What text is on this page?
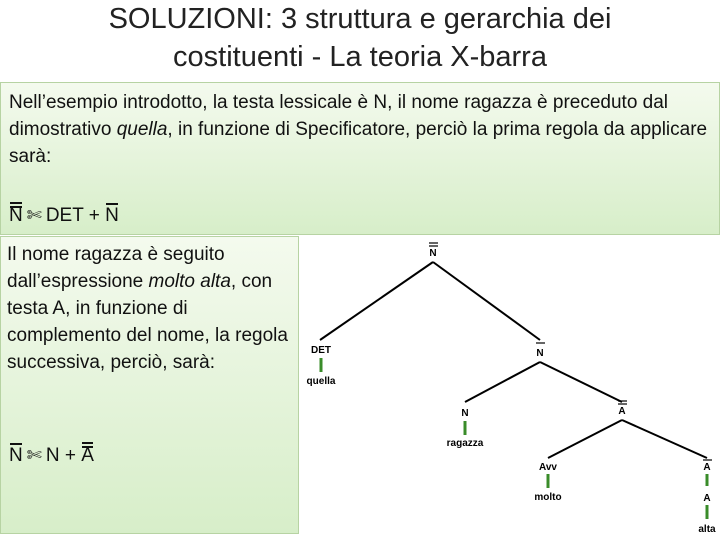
SOLUZIONI: 3 struttura e gerarchia dei
costituenti - La teoria X-barra
Nell’esempio introdotto, la testa lessicale è N, il nome ragazza è preceduto dal dimostrativo quella, in funzione di Specificatore, perciò la prima regola da applicare sarà:
N ✄ DET + N
Il nome ragazza è seguito dall’espressione molto alta, con testa A, in funzione di complemento del nome, la regola successiva, perciò, sarà:
N ✄ N + A
N
DET
quella
N
N
ragazza
A
Avv
molto
A
A
alta
